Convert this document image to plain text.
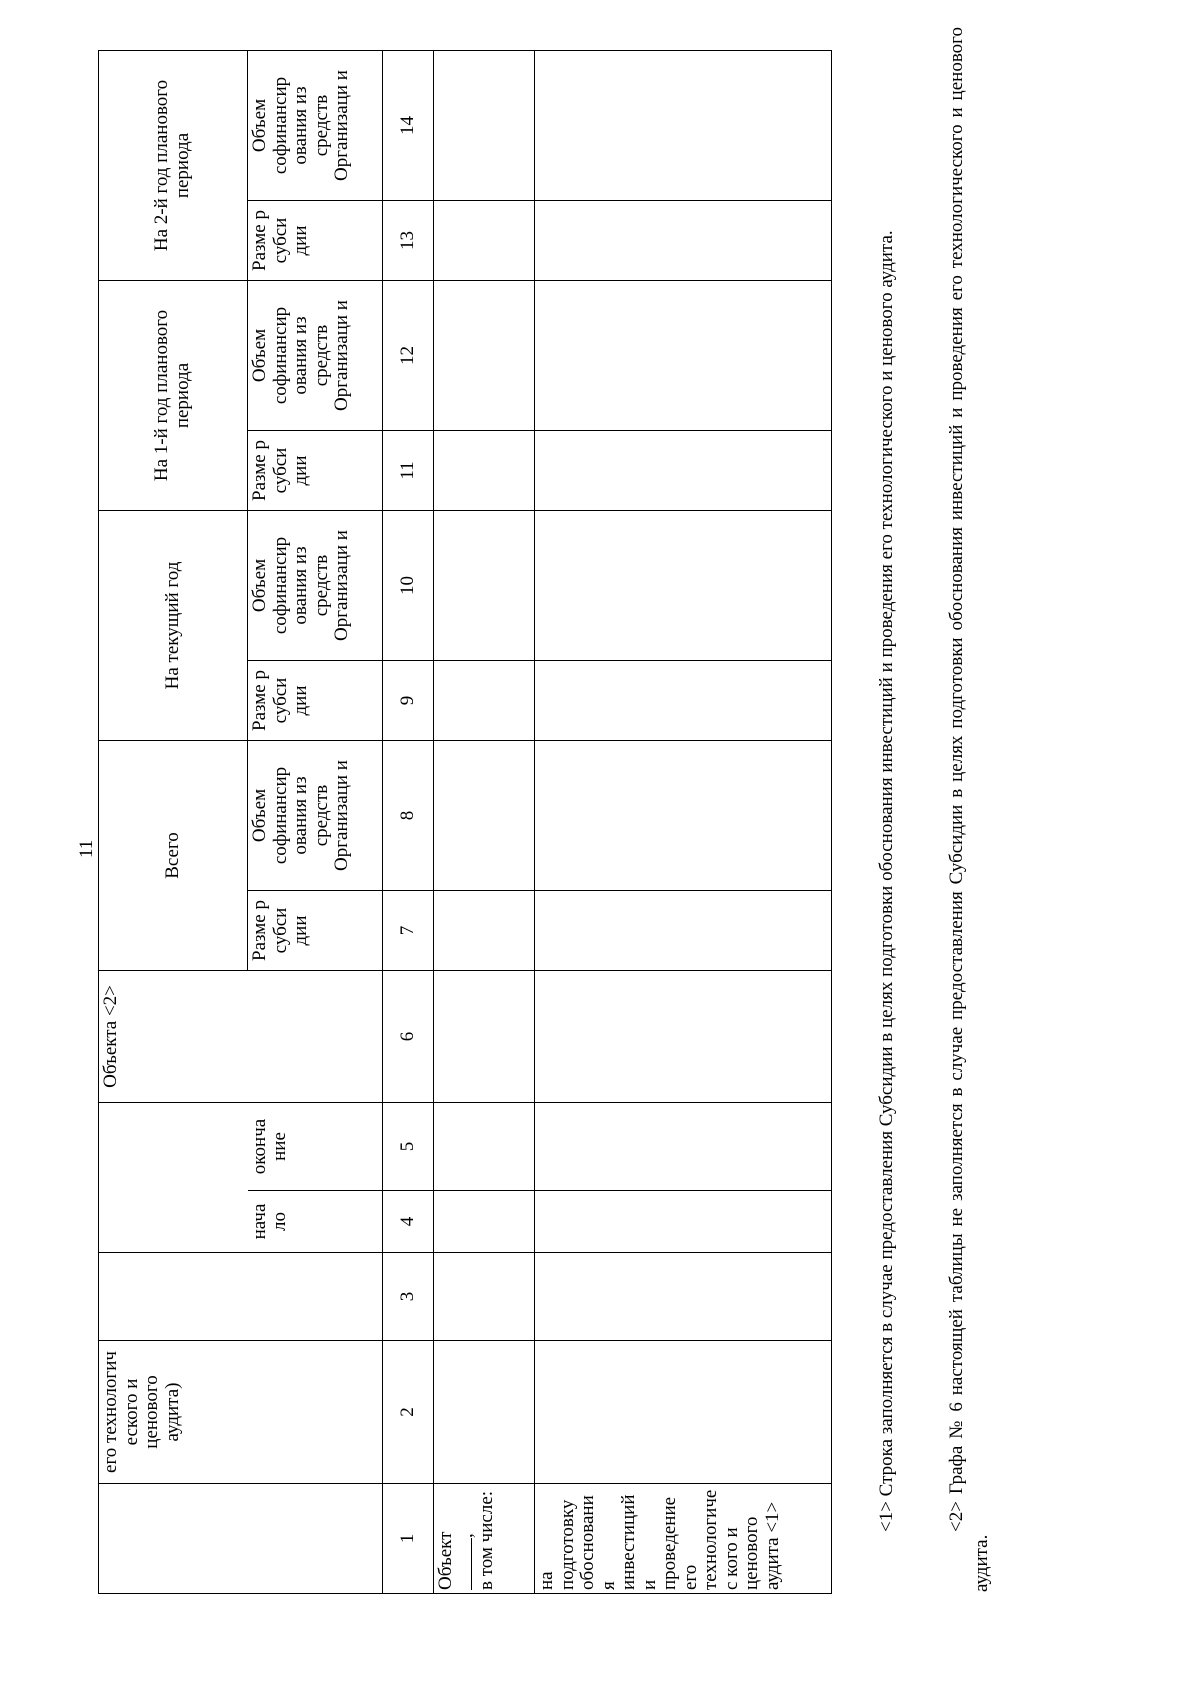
11
	его технологич еского и ценового аудита)				Объекта <2>	Всего		На текущий год		На 1-й год планового периода		На 2-й год планового периода	
			нача ло	оконча ние		Разме р субси дии	Объем софинансир ования из средств Организаци и	Разме р субси дии	Объем софинансир ования из средств Организаци и	Разме р субси дии	Объем софинансир ования из средств Организаци и	Разме р субси дии	Объем софинансир ования из средств Организаци и
1	2	3	4	5	6	7	8	9	10	11	12	13	14

Объект , в том числе:													

на подготовку обоснования инвестиций и проведение его технологичес кого и ценового аудита <1>													

<1> Строка заполняется в случае предоставления Субсидии в целях подготовки обоснования инвестиций и проведения его технологического и ценового аудита.	<2> Графа № 6 настоящей таблицы не заполняется в случае предоставления Субсидии в целях подготовки обоснования инвестиций и проведения его технологического и ценового аудита.
